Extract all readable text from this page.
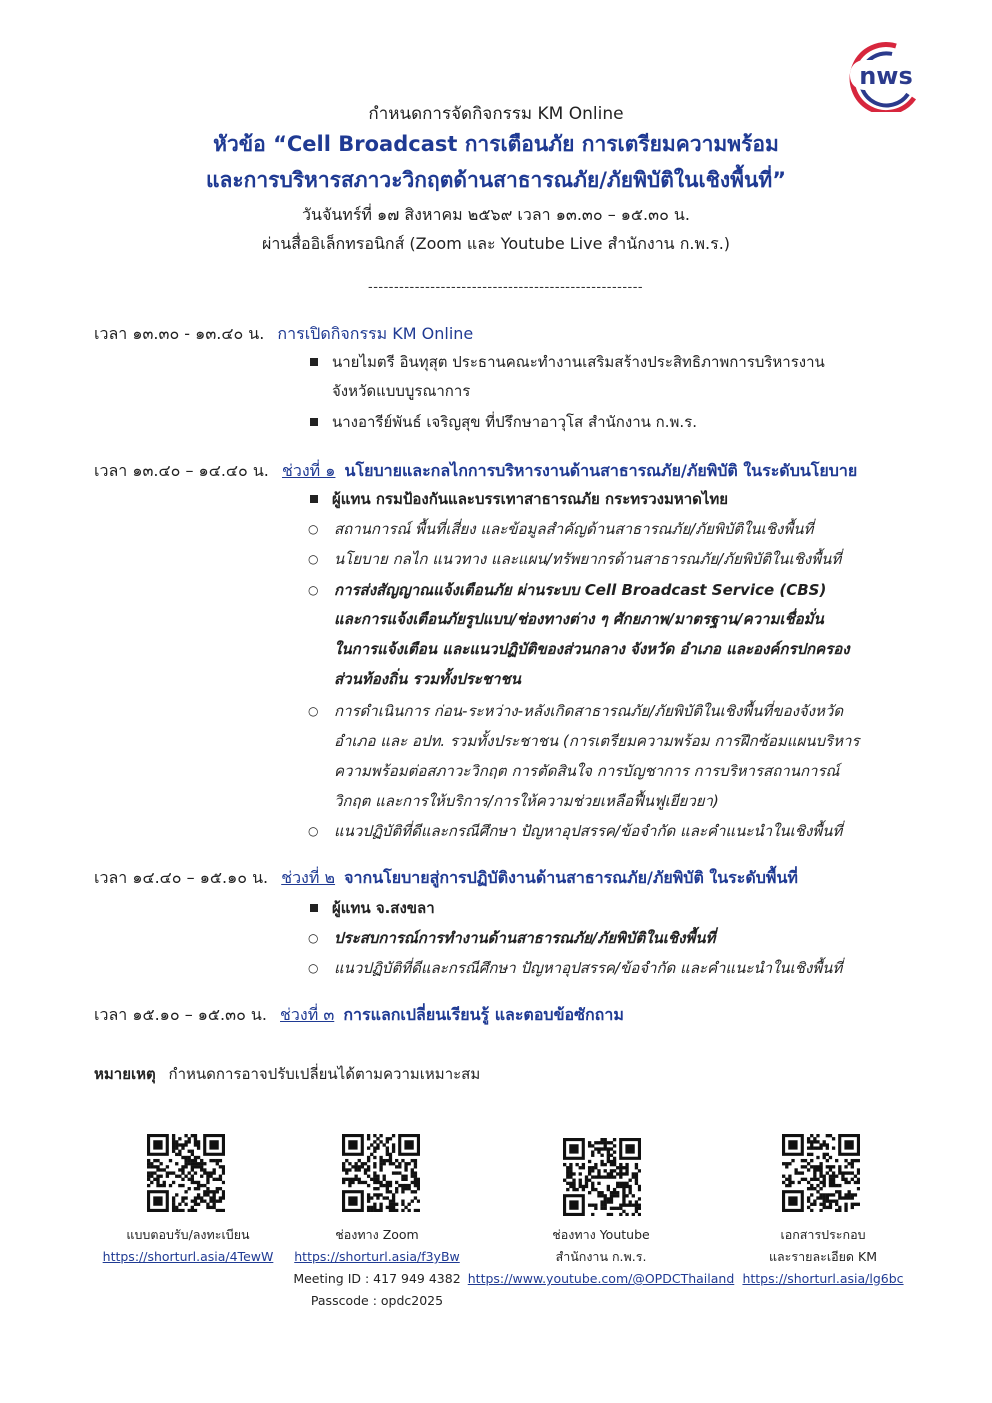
nws
กำหนดการจัดกิจกรรม KM Online
หัวข้อ “Cell Broadcast การเตือนภัย การเตรียมความพร้อม
และการบริหารสภาวะวิกฤตด้านสาธารณภัย/ภัยพิบัติในเชิงพื้นที่”
วันจันทร์ที่ ๑๗ สิงหาคม ๒๕๖๙ เวลา ๑๓.๓๐ – ๑๕.๓๐ น.
ผ่านสื่ออิเล็กทรอนิกส์ (Zoom และ Youtube Live สำนักงาน ก.พ.ร.)
-----------------------------------------------------
เวลา ๑๓.๓๐ - ๑๓.๔๐ น. การเปิดกิจกรรม KM Online
นายไมตรี อินทุสุต ประธานคณะทำงานเสริมสร้างประสิทธิภาพการบริหารงาน
จังหวัดแบบบูรณาการ
นางอารีย์พันธ์ เจริญสุข ที่ปรึกษาอาวุโส สำนักงาน ก.พ.ร.
เวลา ๑๓.๔๐ – ๑๔.๔๐ น. ช่วงที่ ๑ นโยบายและกลไกการบริหารงานด้านสาธารณภัย/ภัยพิบัติ ในระดับนโยบาย
ผู้แทน กรมป้องกันและบรรเทาสาธารณภัย กระทรวงมหาดไทย
○ สถานการณ์ พื้นที่เสี่ยง และข้อมูลสำคัญด้านสาธารณภัย/ภัยพิบัติในเชิงพื้นที่
○ นโยบาย กลไก แนวทาง และแผน/ทรัพยากรด้านสาธารณภัย/ภัยพิบัติในเชิงพื้นที่
○ การส่งสัญญาณแจ้งเตือนภัย ผ่านระบบ Cell Broadcast Service (CBS)
และการแจ้งเตือนภัยรูปแบบ/ช่องทางต่าง ๆ ศักยภาพ/มาตรฐาน/ความเชื่อมั่น
ในการแจ้งเตือน และแนวปฏิบัติของส่วนกลาง จังหวัด อำเภอ และองค์กรปกครอง
ส่วนท้องถิ่น รวมทั้งประชาชน
○ การดำเนินการ ก่อน-ระหว่าง-หลังเกิดสาธารณภัย/ภัยพิบัติในเชิงพื้นที่ของจังหวัด
อำเภอ และ อปท. รวมทั้งประชาชน (การเตรียมความพร้อม การฝึกซ้อมแผนบริหาร
ความพร้อมต่อสภาวะวิกฤต การตัดสินใจ การบัญชาการ การบริหารสถานการณ์
วิกฤต และการให้บริการ/การให้ความช่วยเหลือฟื้นฟูเยียวยา)
○ แนวปฏิบัติที่ดีและกรณีศึกษา ปัญหาอุปสรรค/ข้อจำกัด และคำแนะนำในเชิงพื้นที่
เวลา ๑๔.๔๐ – ๑๕.๑๐ น. ช่วงที่ ๒ จากนโยบายสู่การปฏิบัติงานด้านสาธารณภัย/ภัยพิบัติ ในระดับพื้นที่
ผู้แทน จ.สงขลา
○ ประสบการณ์การทำงานด้านสาธารณภัย/ภัยพิบัติในเชิงพื้นที่
○ แนวปฏิบัติที่ดีและกรณีศึกษา ปัญหาอุปสรรค/ข้อจำกัด และคำแนะนำในเชิงพื้นที่
เวลา ๑๕.๑๐ – ๑๕.๓๐ น. ช่วงที่ ๓ การแลกเปลี่ยนเรียนรู้ และตอบข้อซักถาม
หมายเหตุ กำหนดการอาจปรับเปลี่ยนได้ตามความเหมาะสม
แบบตอบรับ/ลงทะเบียน
https://shorturl.asia/4TewW
ช่องทาง Zoom
https://shorturl.asia/f3yBw
Meeting ID : 417 949 4382
Passcode : opdc2025
ช่องทาง Youtube
สำนักงาน ก.พ.ร.
https://www.youtube.com/@OPDCThailand
เอกสารประกอบ
และรายละเอียด KM
https://shorturl.asia/lg6bc
